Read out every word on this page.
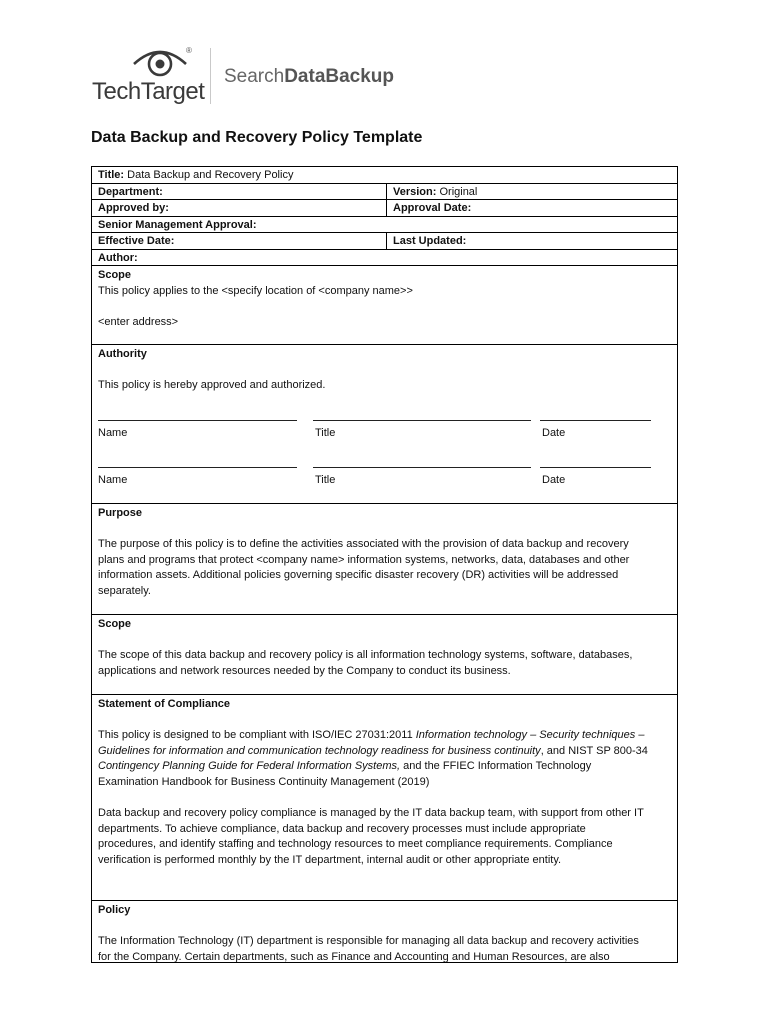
®
TechTarget
SearchDataBackup
Data Backup and Recovery Policy Template
Title: Data Backup and Recovery Policy
Department:	Version: Original
Approved by:	Approval Date:
Senior Management Approval:
Effective Date:	Last Updated:
Author:
Scope

This policy applies to the <specify location of <company name>>

<enter address>

Authority

This policy is hereby approved and authorized.

Name	Title	Date
Name	Title	Date
Purpose

The purpose of this policy is to define the activities associated with the provision of data backup and recovery

plans and programs that protect <company name> information systems, networks, data, databases and other

information assets. Additional policies governing specific disaster recovery (DR) activities will be addressed

separately.

Scope

The scope of this data backup and recovery policy is all information technology systems, software, databases,

applications and network resources needed by the Company to conduct its business.

Statement of Compliance

This policy is designed to be compliant with ISO/IEC 27031:2011 Information technology – Security techniques –

Guidelines for information and communication technology readiness for business continuity, and NIST SP 800-34

Contingency Planning Guide for Federal Information Systems, and the FFIEC Information Technology

Examination Handbook for Business Continuity Management (2019)

Data backup and recovery policy compliance is managed by the IT data backup team, with support from other IT

departments. To achieve compliance, data backup and recovery processes must include appropriate

procedures, and identify staffing and technology resources to meet compliance requirements. Compliance

verification is performed monthly by the IT department, internal audit or other appropriate entity.

Policy

The Information Technology (IT) department is responsible for managing all data backup and recovery activities

for the Company. Certain departments, such as Finance and Accounting and Human Resources, are also
